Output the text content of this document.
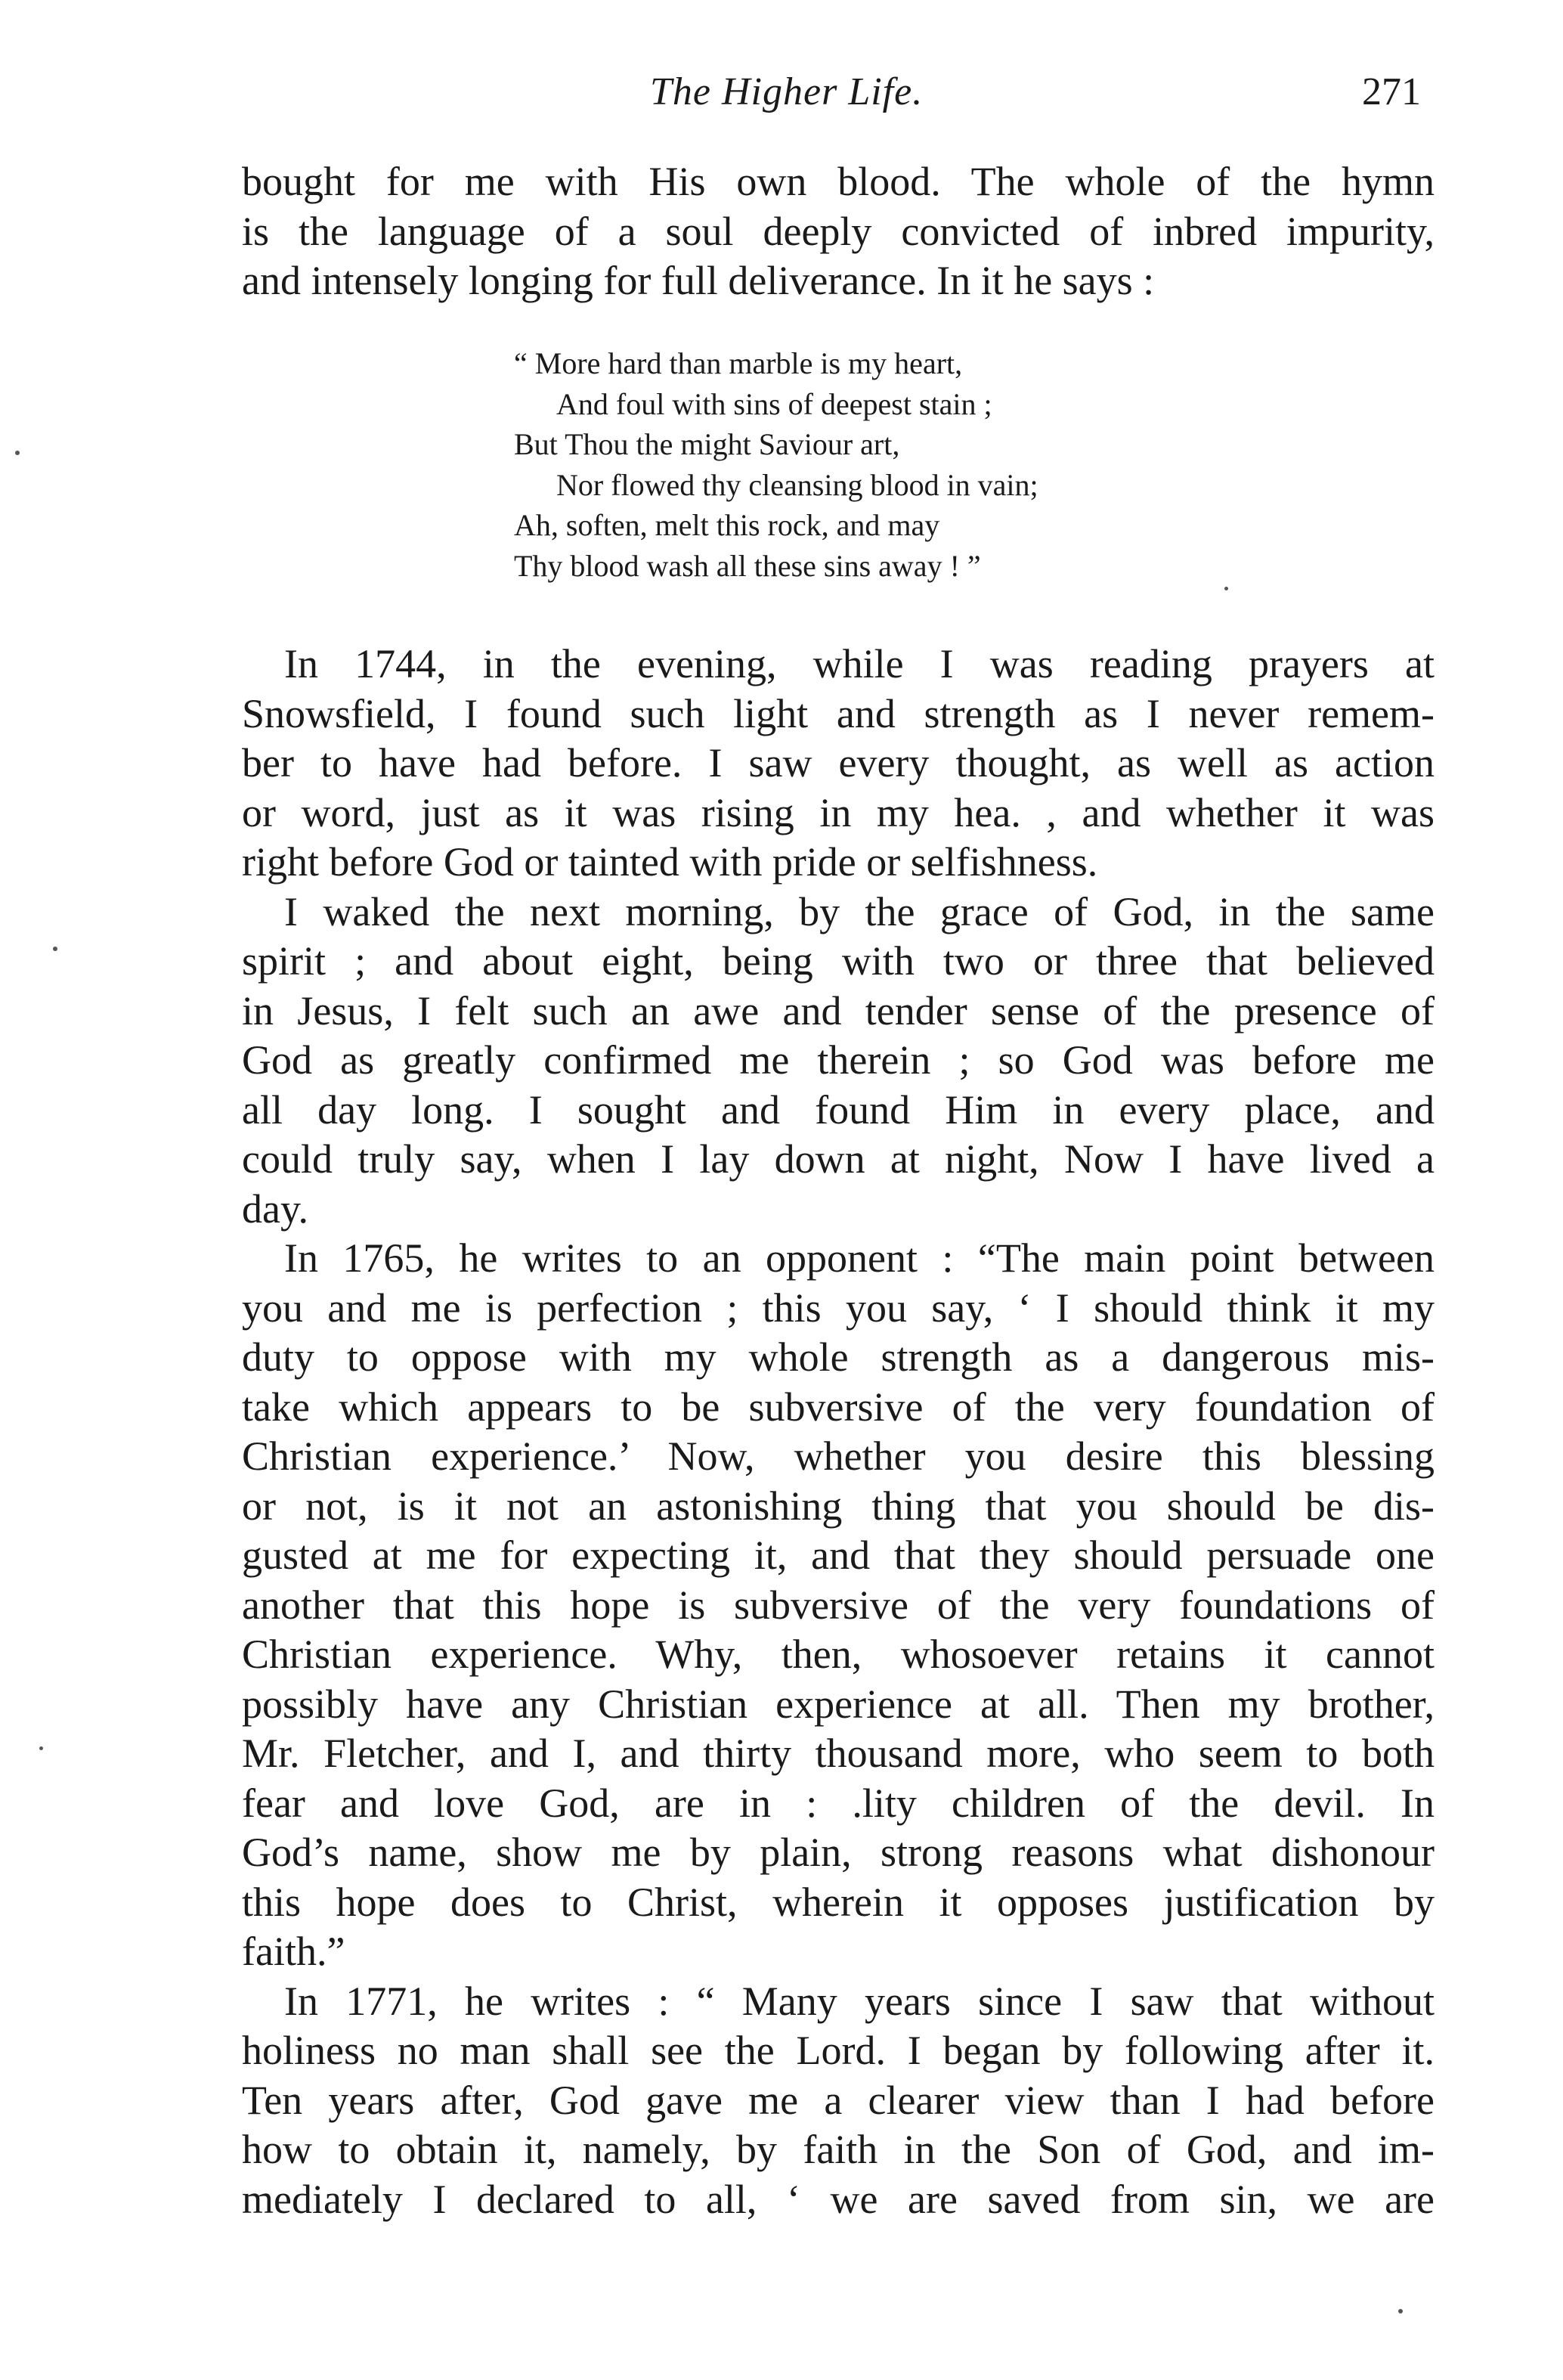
The Higher Life.	271
bought for me with His own blood. The whole of the hymn
is the language of a soul deeply convicted of inbred impurity,
and intensely longing for full deliverance. In it he says :
“ More hard than marble is my heart,
And foul with sins of deepest stain ;
But Thou the might Saviour art,
Nor flowed thy cleansing blood in vain;
Ah, soften, melt this rock, and may
Thy blood wash all these sins away ! ”
In 1744, in the evening, while I was reading prayers at
Snowsfield, I found such light and strength as I never remem-
ber to have had before. I saw every thought, as well as action
or word, just as it was rising in my hea. , and whether it was
right before God or tainted with pride or selfishness.
I waked the next morning, by the grace of God, in the same
spirit ; and about eight, being with two or three that believed
in Jesus, I felt such an awe and tender sense of the presence of
God as greatly confirmed me therein ; so God was before me
all day long. I sought and found Him in every place, and
could truly say, when I lay down at night, Now I have lived a
day.
In 1765, he writes to an opponent : “The main point between
you and me is perfection ; this you say, ‘ I should think it my
duty to oppose with my whole strength as a dangerous mis-
take which appears to be subversive of the very foundation of
Christian experience.’ Now, whether you desire this blessing
or not, is it not an astonishing thing that you should be dis-
gusted at me for expecting it, and that they should persuade one
another that this hope is subversive of the very foundations of
Christian experience. Why, then, whosoever retains it cannot
possibly have any Christian experience at all. Then my brother,
Mr. Fletcher, and I, and thirty thousand more, who seem to both
fear and love God, are in : .lity children of the devil. In
God’s name, show me by plain, strong reasons what dishonour
this hope does to Christ, wherein it opposes justification by
faith.”
In 1771, he writes : “ Many years since I saw that without
holiness no man shall see the Lord. I began by following after it.
Ten years after, God gave me a clearer view than I had before
how to obtain it, namely, by faith in the Son of God, and im-
mediately I declared to all, ‘ we are saved from sin, we are
